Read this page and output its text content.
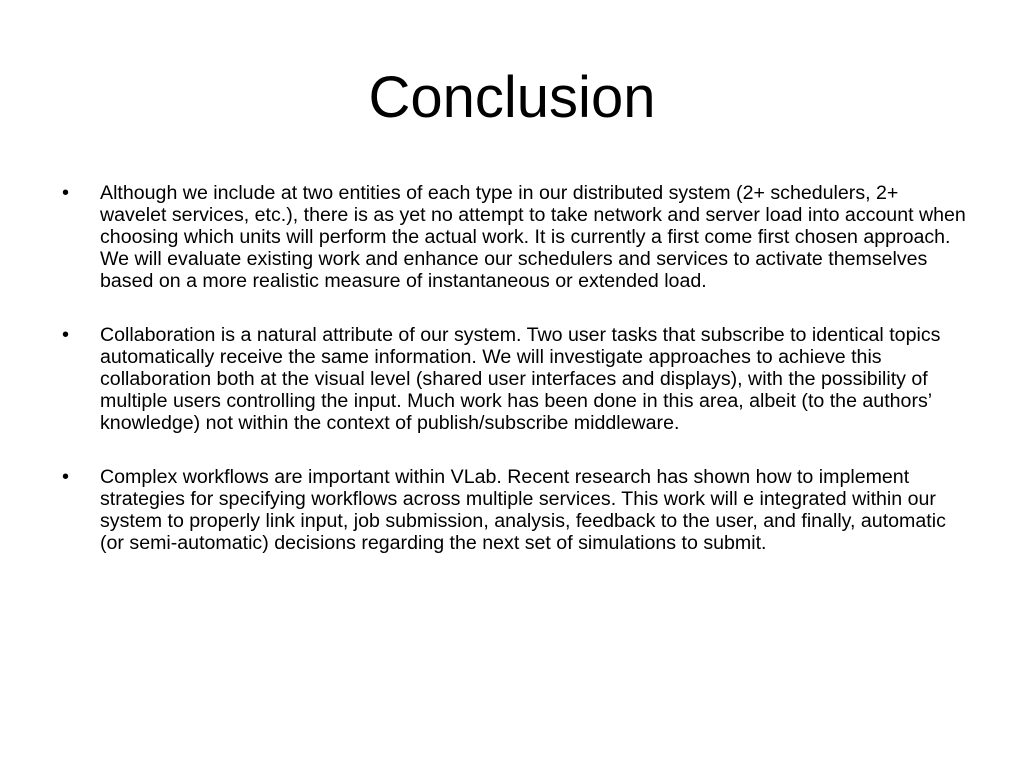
Conclusion
•	Although we include at two entities of each type in our distributed system (2+ schedulers, 2+ wavelet services, etc.), there is as yet no attempt to take network and server load into account when choosing which units will perform the actual work. It is currently a first come first chosen approach. We will evaluate existing work and enhance our schedulers and services to activate themselves based on a more realistic measure of instantaneous or extended load.
•	Collaboration is a natural attribute of our system. Two user tasks that subscribe to identical topics automatically receive the same information. We will investigate approaches to achieve this collaboration both at the visual level (shared user interfaces and displays), with the possibility of multiple users controlling the input. Much work has been done in this area, albeit (to the authors’ knowledge) not within the context of publish/subscribe middleware.
•	Complex workflows are important within VLab. Recent research has shown how to implement strategies for specifying workflows across multiple services. This work will e integrated within our system to properly link input, job submission, analysis, feedback to the user, and finally, automatic (or semi-automatic) decisions regarding the next set of simulations to submit.
